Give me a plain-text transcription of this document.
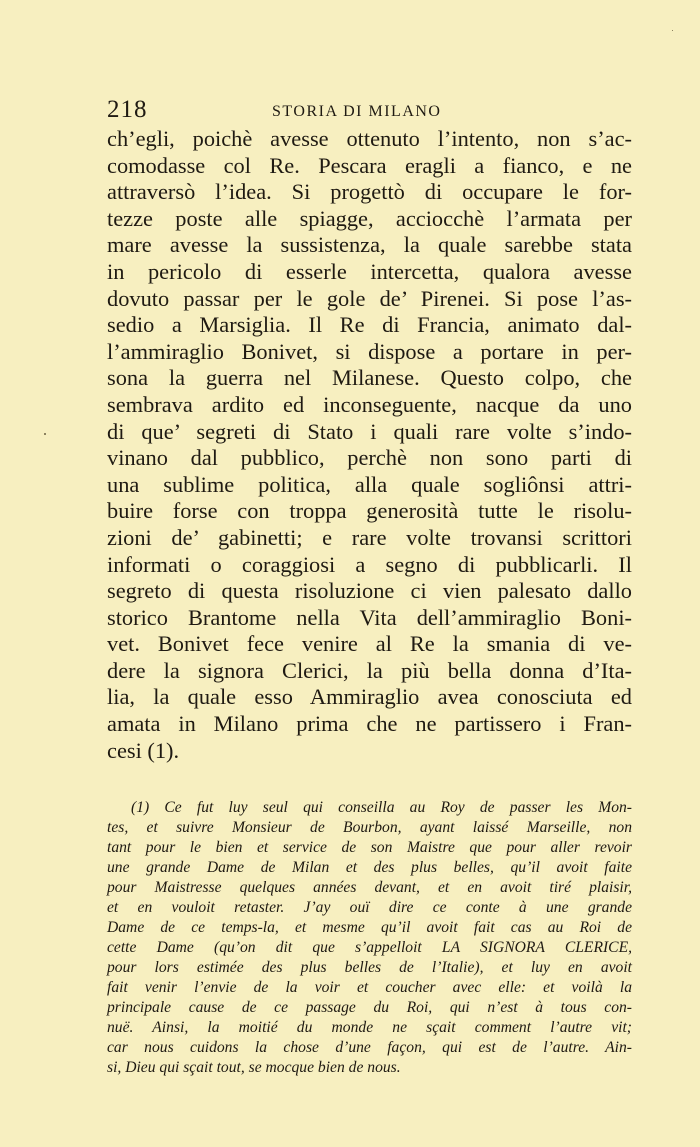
218	STORIA DI MILANO
ch’egli, poichè avesse ottenuto l’intento, non s’ac-
comodasse col Re. Pescara eragli a fianco, e ne
attraversò l’idea. Si progettò di occupare le for-
tezze poste alle spiagge, acciocchè l’armata per
mare avesse la sussistenza, la quale sarebbe stata
in pericolo di esserle intercetta, qualora avesse
dovuto passar per le gole de’ Pirenei. Si pose l’as-
sedio a Marsiglia. Il Re di Francia, animato dal-
l’ammiraglio Bonivet, si dispose a portare in per-
sona la guerra nel Milanese. Questo colpo, che
sembrava ardito ed inconseguente, nacque da uno
di que’ segreti di Stato i quali rare volte s’indo-
vinano dal pubblico, perchè non sono parti di
una sublime politica, alla quale sogliônsi attri-
buire forse con troppa generosità tutte le risolu-
zioni de’ gabinetti; e rare volte trovansi scrittori
informati o coraggiosi a segno di pubblicarli. Il
segreto di questa risoluzione ci vien palesato dallo
storico Brantome nella Vita dell’ammiraglio Boni-
vet. Bonivet fece venire al Re la smania di ve-
dere la signora Clerici, la più bella donna d’Ita-
lia, la quale esso Ammiraglio avea conosciuta ed
amata in Milano prima che ne partissero i Fran-
cesi (1).
(1) Ce fut luy seul qui conseilla au Roy de passer les Mon-
tes, et suivre Monsieur de Bourbon, ayant laissé Marseille, non
tant pour le bien et service de son Maistre que pour aller revoir
une grande Dame de Milan et des plus belles, qu’il avoit faite
pour Maistresse quelques années devant, et en avoit tiré plaisir,
et en vouloit retaster. J’ay ouï dire ce conte à une grande
Dame de ce temps-la, et mesme qu’il avoit fait cas au Roi de
cette Dame (qu’on dit que s’appelloit LA SIGNORA CLERICE,
pour lors estimée des plus belles de l’Italie), et luy en avoit
fait venir l’envie de la voir et coucher avec elle: et voilà la
principale cause de ce passage du Roi, qui n’est à tous con-
nuë. Ainsi, la moitié du monde ne sçait comment l’autre vit;
car nous cuidons la chose d’une façon, qui est de l’autre. Ain-
si, Dieu qui sçait tout, se mocque bien de nous.
